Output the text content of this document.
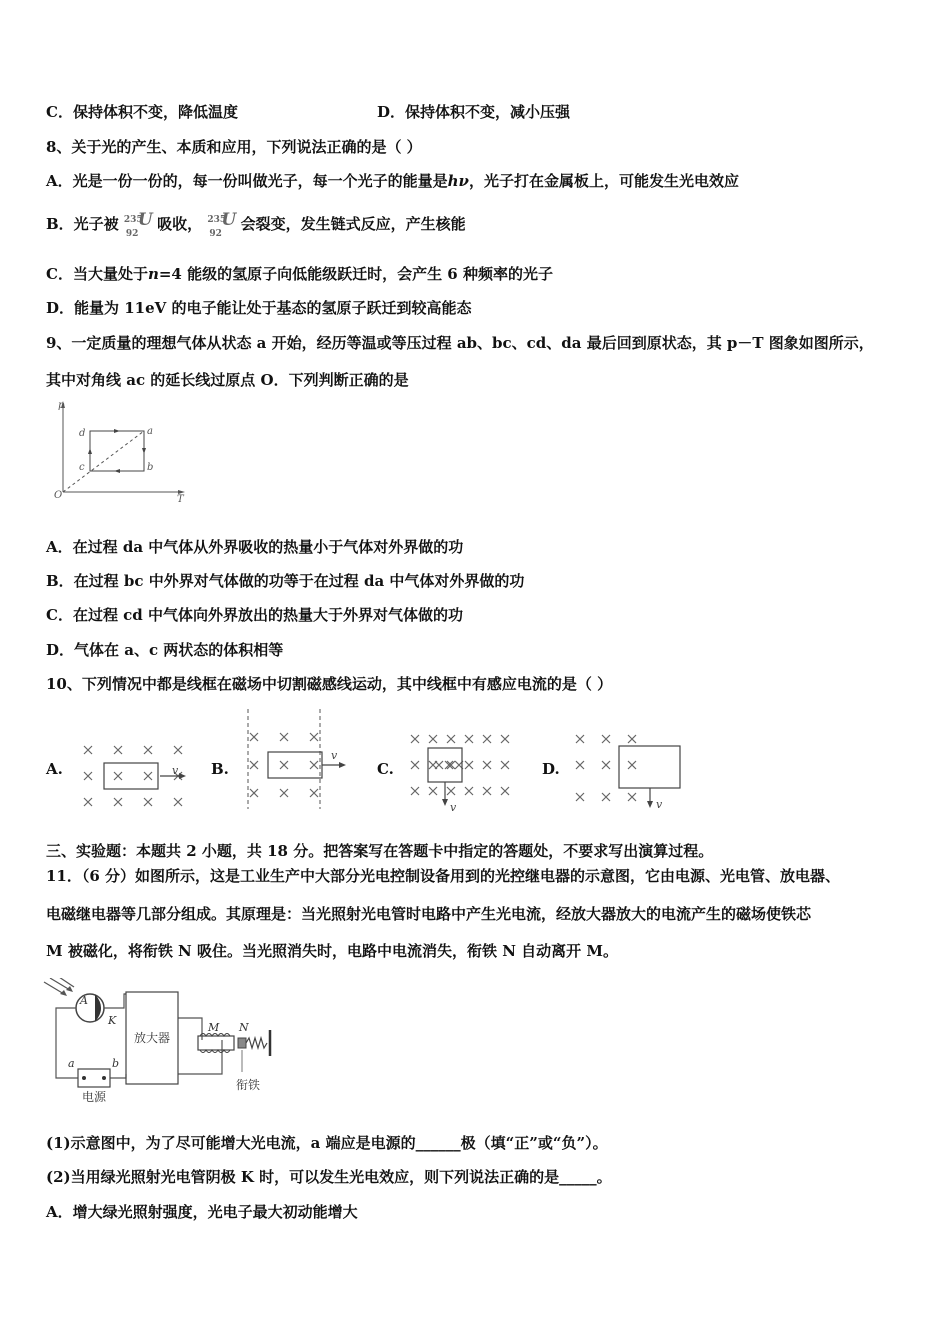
C．保持体积不变，降低温度	D．保持体积不变，减小压强
8、关于光的产生、本质和应用，下列说法正确的是（ ）
A．光是一份一份的，每一份叫做光子，每一个光子的能量是hν，光子打在金属板上，可能发生光电效应
B．光子被 235
92
U 吸收， 235
92
U 会裂变，发生链式反应，产生核能
C．当大量处于n=4 能级的氢原子向低能级跃迁时，会产生 6 种频率的光子
D．能量为 11eV 的电子能让处于基态的氢原子跃迁到较高能态
9、一定质量的理想气体从状态 a 开始，经历等温或等压过程 ab、bc、cd、da 最后回到原状态，其 p－T 图象如图所示，
其中对角线 ac 的延长线过原点 O．下列判断正确的是
p
T
O
a
b
c
d
A．在过程 da 中气体从外界吸收的热量小于气体对外界做的功
B．在过程 bc 中外界对气体做的功等于在过程 da 中气体对外界做的功
C．在过程 cd 中气体向外界放出的热量大于外界对气体做的功
D．气体在 a、c 两状态的体积相等
10、下列情况中都是线框在磁场中切割磁感线运动，其中线框中有感应电流的是（ ）
A.	v B.
v
C.
v
D.
v
三、实验题：本题共 2 小题，共 18 分。把答案写在答题卡中指定的答题处，不要求写出演算过程。
11．（6 分）如图所示，这是工业生产中大部分光电控制设备用到的光控继电器的示意图，它由电源、光电管、放电器、
电磁继电器等几部分组成。其原理是：当光照射光电管时电路中产生光电流，经放大器放大的电流产生的磁场使铁芯
M 被磁化，将衔铁 N 吸住。当光照消失时，电路中电流消失，衔铁 N 自动离开 M。
A
K
放大器
a	b
电源
M N
衔铁
(1)示意图中，为了尽可能增大光电流，a 端应是电源的______极（填“正”或“负”）。
(2)当用绿光照射光电管阴极 K 时，可以发生光电效应，则下列说法正确的是_____。
A．增大绿光照射强度，光电子最大初动能增大
